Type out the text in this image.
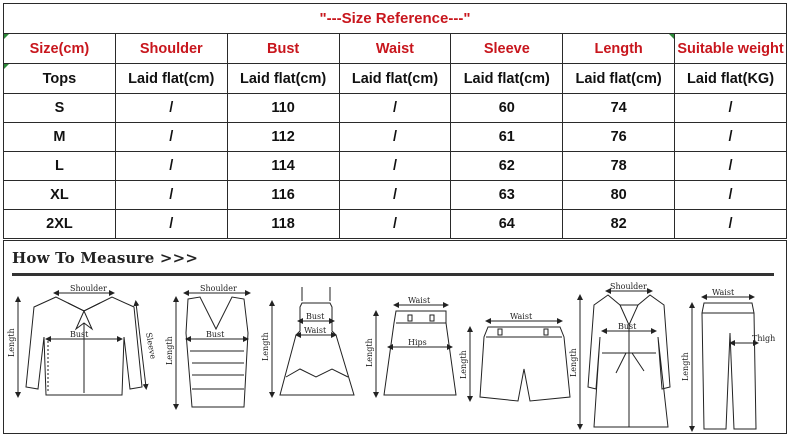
"---Size Reference---"						
Size(cm)	Shoulder	Bust	Waist	Sleeve	Length	Suitable weight
Tops	Laid flat(cm)	Laid flat(cm)	Laid flat(cm)	Laid flat(cm)	Laid flat(cm)	Laid flat(KG)
S	/	110	/	60	74	/
M	/	112	/	61	76	/
L	/	114	/	62	78	/
XL	/	116	/	63	80	/
2XL	/	118	/	64	82	/
How To Measure >>>
Shoulder
Bust
Length	Sleeve
Shoulder
Bust
Length
Bust
Waist
Length
Waist
Hips
Length
Waist
Length
Shoulder
Bust
Length
Waist
Thigh
Length
